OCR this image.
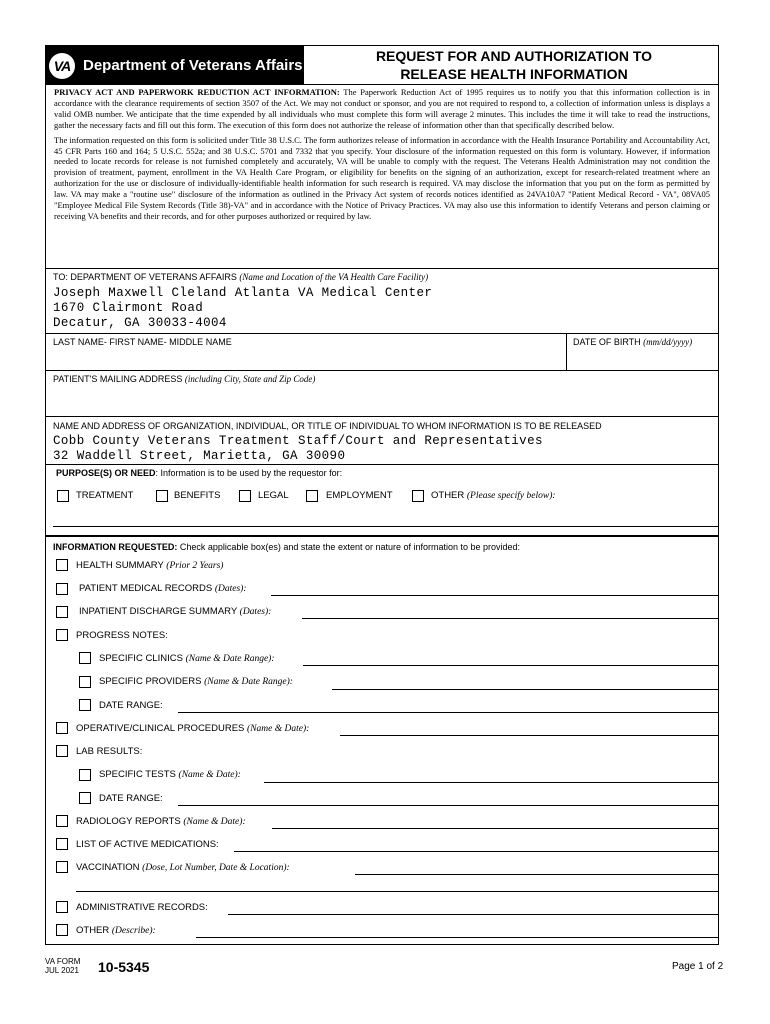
VA Department of Veterans Affairs
REQUEST FOR AND AUTHORIZATION TO
RELEASE HEALTH INFORMATION

PRIVACY ACT AND PAPERWORK REDUCTION ACT INFORMATION: The Paperwork Reduction Act of 1995 requires us to notify you that this information collection is in accordance with the clearance requirements of section 3507 of the Act. We may not conduct or sponsor, and you are not required to respond to, a collection of information unless is displays a valid OMB number. We anticipate that the time expended by all individuals who must complete this form will average 2 minutes. This includes the time it will take to read the instructions, gather the necessary facts and fill out this form. The execution of this form does not authorize the release of information other than that specifically described below.

The information requested on this form is solicited under Title 38 U.S.C. The form authorizes release of information in accordance with the Health Insurance Portability and Accountability Act, 45 CFR Parts 160 and 164; 5 U.S.C. 552a; and 38 U.S.C. 5701 and 7332 that you specify. Your disclosure of the information requested on this form is voluntary. However, if information needed to locate records for release is not furnished completely and accurately, VA will be unable to comply with the request. The Veterans Health Administration may not condition the provision of treatment, payment, enrollment in the VA Health Care Program, or eligibility for benefits on the signing of an authorization, except for research-related treatment where an authorization for the use or disclosure of individually-identifiable health information for such research is required. VA may disclose the information that you put on the form as permitted by law. VA may make a "routine use" disclosure of the information as outlined in the Privacy Act system of records notices identified as 24VA10A7 "Patient Medical Record - VA", 08VA05 "Employee Medical File System Records (Title 38)-VA" and in accordance with the Notice of Privacy Practices. VA may also use this information to identify Veterans and person claiming or receiving VA benefits and their records, and for other purposes authorized or required by law.

TO: DEPARTMENT OF VETERANS AFFAIRS (Name and Location of the VA Health Care Facility)
Joseph Maxwell Cleland Atlanta VA Medical Center
1670 Clairmont Road
Decatur, GA 30033-4004
LAST NAME- FIRST NAME- MIDDLE NAME	DATE OF BIRTH (mm/dd/yyyy)
PATIENT'S MAILING ADDRESS (including City, State and Zip Code)
NAME AND ADDRESS OF ORGANIZATION, INDIVIDUAL, OR TITLE OF INDIVIDUAL TO WHOM INFORMATION IS TO BE RELEASED
Cobb County Veterans Treatment Staff/Court and Representatives
32 Waddell Street, Marietta, GA 30090
PURPOSE(S) OR NEED: Information is to be used by the requestor for:
TREATMENT	BENEFITS	LEGAL	EMPLOYMENT	OTHER (Please specify below):
INFORMATION REQUESTED: Check applicable box(es) and state the extent or nature of information to be provided:
HEALTH SUMMARY (Prior 2 Years)
PATIENT MEDICAL RECORDS (Dates):
INPATIENT DISCHARGE SUMMARY (Dates):
PROGRESS NOTES:
SPECIFIC CLINICS (Name & Date Range):
SPECIFIC PROVIDERS (Name & Date Range):
DATE RANGE:
OPERATIVE/CLINICAL PROCEDURES (Name & Date):
LAB RESULTS:
SPECIFIC TESTS (Name & Date):
DATE RANGE:
RADIOLOGY REPORTS (Name & Date):
LIST OF ACTIVE MEDICATIONS:
VACCINATION (Dose, Lot Number, Date & Location):
ADMINISTRATIVE RECORDS:
OTHER (Describe):
VA FORM
JUL 2021 10-5345	Page 1 of 2
